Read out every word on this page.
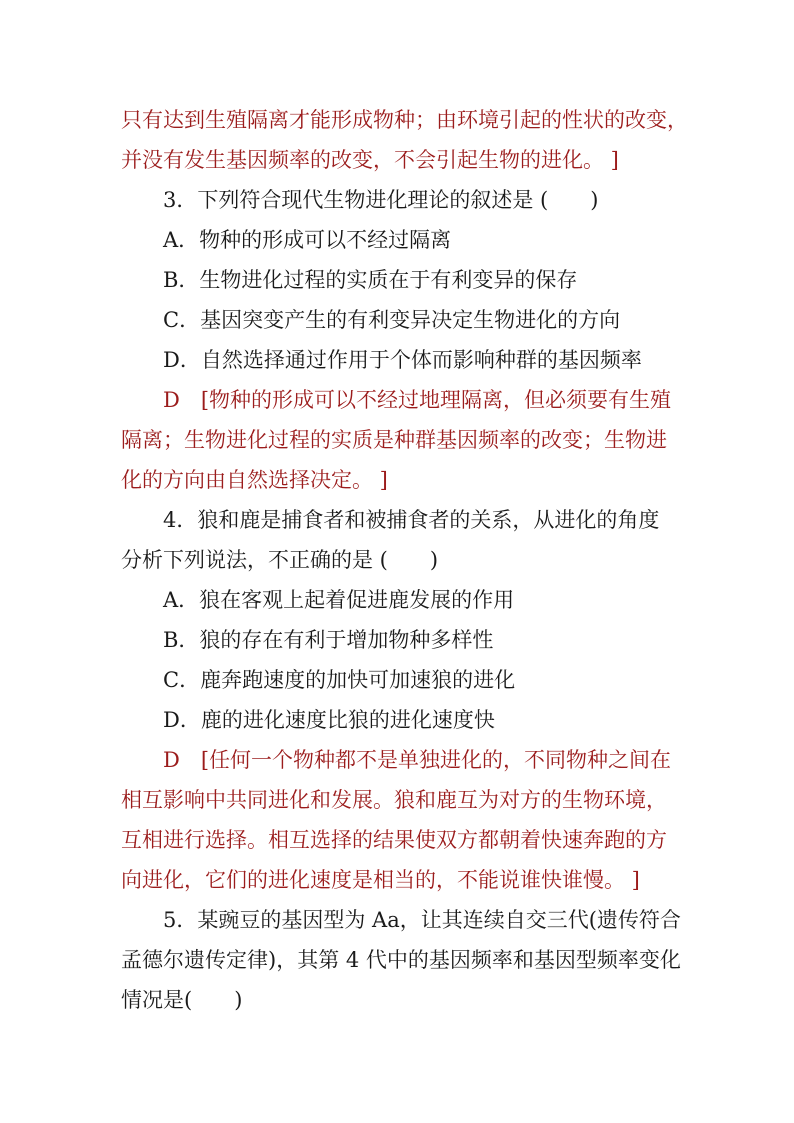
只有达到生殖隔离才能形成物种；由环境引起的性状的改变，
并没有发生基因频率的改变，不会引起生物的进化。 ]
3．下列符合现代生物进化理论的叙述是 (　　)
A．物种的形成可以不经过隔离
B．生物进化过程的实质在于有利变异的保存
C．基因突变产生的有利变异决定生物进化的方向
D．自然选择通过作用于个体而影响种群的基因频率
D　[物种的形成可以不经过地理隔离，但必须要有生殖
隔离；生物进化过程的实质是种群基因频率的改变；生物进
化的方向由自然选择决定。 ]
4．狼和鹿是捕食者和被捕食者的关系，从进化的角度
分析下列说法，不正确的是 (　　)
A．狼在客观上起着促进鹿发展的作用
B．狼的存在有利于增加物种多样性
C．鹿奔跑速度的加快可加速狼的进化
D．鹿的进化速度比狼的进化速度快
D　[任何一个物种都不是单独进化的，不同物种之间在
相互影响中共同进化和发展。狼和鹿互为对方的生物环境，
互相进行选择。相互选择的结果使双方都朝着快速奔跑的方
向进化，它们的进化速度是相当的，不能说谁快谁慢。 ]
5．某豌豆的基因型为 Aa，让其连续自交三代(遗传符合
孟德尔遗传定律)，其第 4 代中的基因频率和基因型频率变化
情况是(　　)
